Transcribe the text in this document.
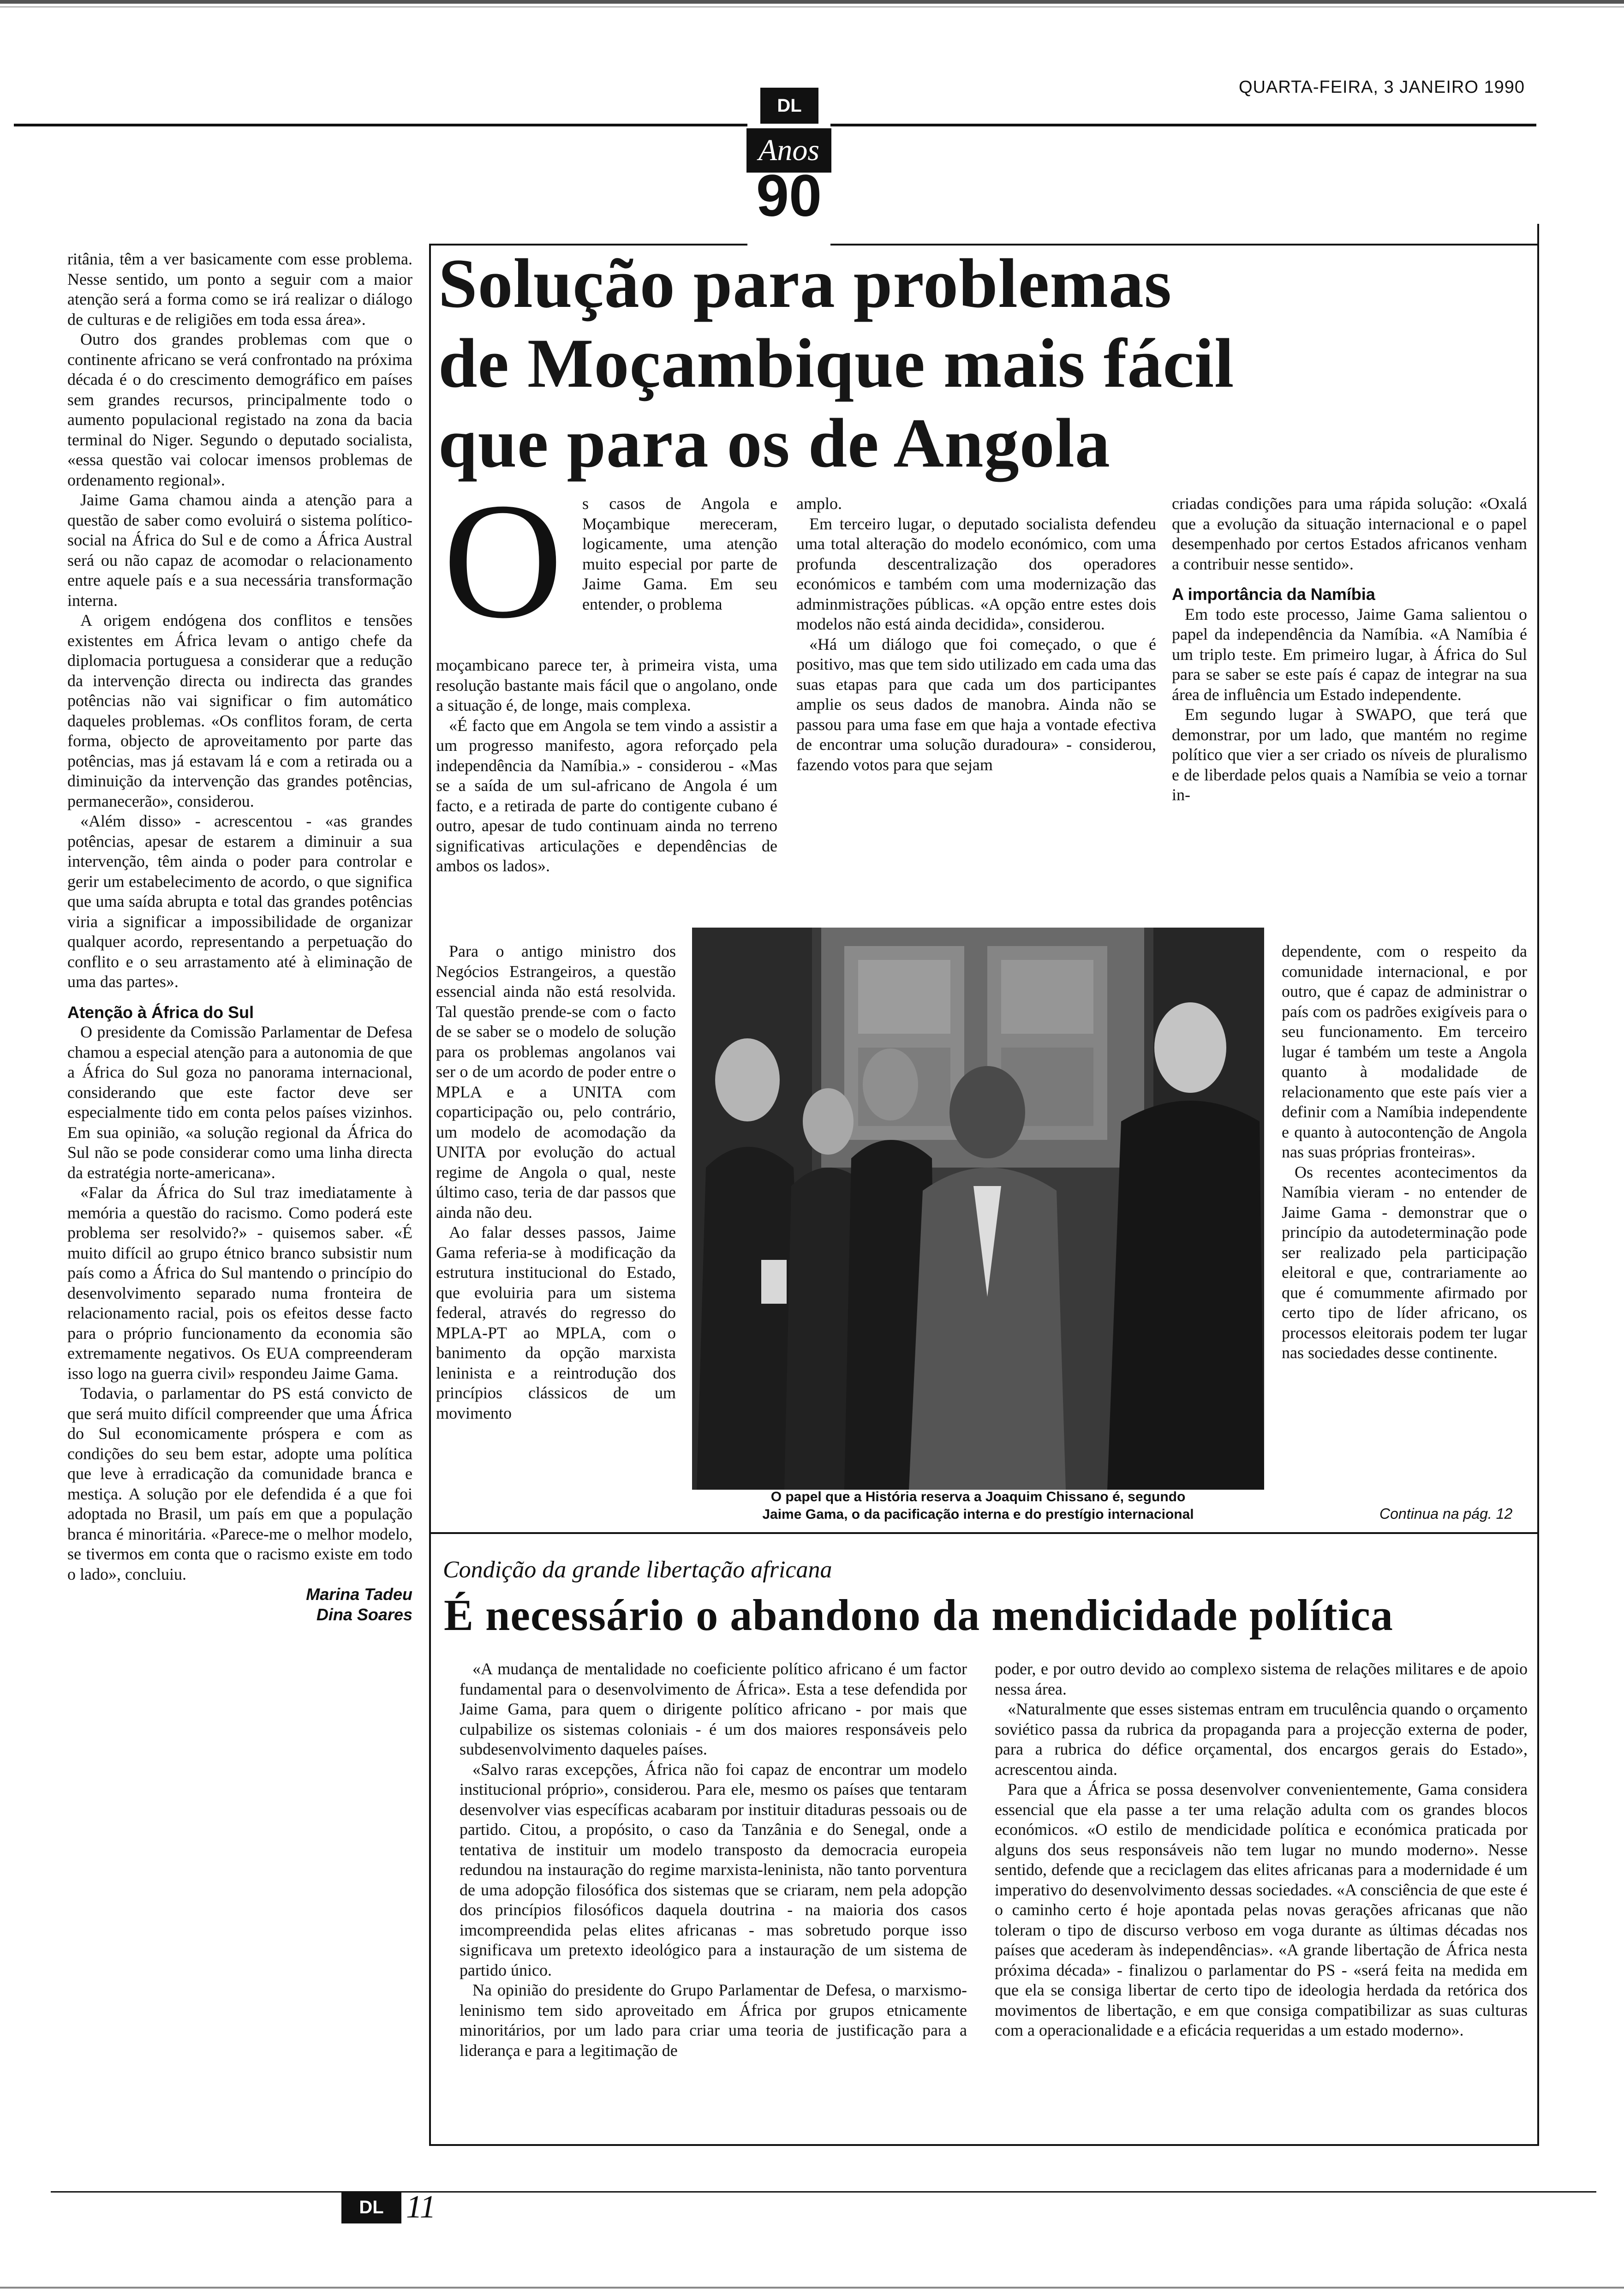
QUARTA-FEIRA, 3 JANEIRO 1990
DL
Anos
90

ritânia, têm a ver basicamente com esse problema. Nesse sentido, um ponto a seguir com a maior atenção será a forma como se irá realizar o diálogo de culturas e de religiões em toda essa área».

Outro dos grandes problemas com que o continente africano se verá confrontado na próxima década é o do crescimento demográfico em países sem grandes recursos, principalmente todo o aumento populacional registado na zona da bacia terminal do Niger. Segundo o deputado socialista, «essa questão vai colocar imensos problemas de ordenamento regional».

Jaime Gama chamou ainda a atenção para a questão de saber como evoluirá o sistema político-social na África do Sul e de como a África Austral será ou não capaz de acomodar o relacionamento entre aquele país e a sua necessária transformação interna.

A origem endógena dos conflitos e tensões existentes em África levam o antigo chefe da diplomacia portuguesa a considerar que a redução da intervenção directa ou indirecta das grandes potências não vai significar o fim automático daqueles problemas. «Os conflitos foram, de certa forma, objecto de aproveitamento por parte das potências, mas já estavam lá e com a retirada ou a diminuição da intervenção das grandes potências, permanecerão», considerou.

«Além disso» - acrescentou - «as grandes potências, apesar de estarem a diminuir a sua intervenção, têm ainda o poder para controlar e gerir um estabelecimento de acordo, o que significa que uma saída abrupta e total das grandes potências viria a significar a impossibilidade de organizar qualquer acordo, representando a perpetuação do conflito e o seu arrastamento até à eliminação de uma das partes».

Atenção à África do Sul

O presidente da Comissão Parlamentar de Defesa chamou a especial atenção para a autonomia de que a África do Sul goza no panorama internacional, considerando que este factor deve ser especialmente tido em conta pelos países vizinhos. Em sua opinião, «a solução regional da África do Sul não se pode considerar como uma linha directa da estratégia norte-americana».

«Falar da África do Sul traz imediatamente à memória a questão do racismo. Como poderá este problema ser resolvido?» - quisemos saber. «É muito difícil ao grupo étnico branco subsistir num país como a África do Sul mantendo o princípio do desenvolvimento separado numa fronteira de relacionamento racial, pois os efeitos desse facto para o próprio funcionamento da economia são extremamente negativos. Os EUA compreenderam isso logo na guerra civil» respondeu Jaime Gama.

Todavia, o parlamentar do PS está convicto de que será muito difícil compreender que uma África do Sul economicamente próspera e com as condições do seu bem estar, adopte uma política que leve à erradicação da comunidade branca e mestiça. A solução por ele defendida é a que foi adoptada no Brasil, um país em que a população branca é minoritária. «Parece-me o melhor modelo, se tivermos em conta que o racismo existe em todo o lado», concluiu.

Marina Tadeu
Dina Soares
Solução para problemas
de Moçambique mais fácil
que para os de Angola
O	s casos de Angola e Moçambique mereceram, logicamente, uma atenção muito especial por parte de Jaime Gama. Em seu entender, o problema

moçambicano parece ter, à primeira vista, uma resolução bastante mais fácil que o angolano, onde a situação é, de longe, mais complexa.

«É facto que em Angola se tem vindo a assistir a um progresso manifesto, agora reforçado pela independência da Namíbia.» - considerou - «Mas se a saída de um sul-africano de Angola é um facto, e a retirada de parte do contigente cubano é outro, apesar de tudo continuam ainda no terreno significativas articulações e dependências de ambos os lados».

Para o antigo ministro dos Negócios Estrangeiros, a questão essencial ainda não está resolvida. Tal questão prende-se com o facto de se saber se o modelo de solução para os problemas angolanos vai ser o de um acordo de poder entre o MPLA e a UNITA com coparticipação ou, pelo contrário, um modelo de acomodação da UNITA por evolução do actual regime de Angola o qual, neste último caso, teria de dar passos que ainda não deu.

Ao falar desses passos, Jaime Gama referia-se à modificação da estrutura institucional do Estado, que evoluiria para um sistema federal, através do regresso do MPLA-PT ao MPLA, com o banimento da opção marxista leninista e a reintrodução dos princípios clássicos de um movimento

amplo.

Em terceiro lugar, o deputado socialista defendeu uma total alteração do modelo económico, com uma profunda descentralização dos operadores económicos e também com uma modernização das adminmistrações públicas. «A opção entre estes dois modelos não está ainda decidida», considerou.

«Há um diálogo que foi começado, o que é positivo, mas que tem sido utilizado em cada uma das suas etapas para que cada um dos participantes amplie os seus dados de manobra. Ainda não se passou para uma fase em que haja a vontade efectiva de encontrar uma solução duradoura» - considerou, fazendo votos para que sejam

criadas condições para uma rápida solução: «Oxalá que a evolução da situação internacional e o papel desempenhado por certos Estados africanos venham a contribuir nesse sentido».

A importância da Namíbia

Em todo este processo, Jaime Gama salientou o papel da independência da Namíbia. «A Namíbia é um triplo teste. Em primeiro lugar, à África do Sul para se saber se este país é capaz de integrar na sua área de influência um Estado independente.

Em segundo lugar à SWAPO, que terá que demonstrar, por um lado, que mantém no regime político que vier a ser criado os níveis de pluralismo e de liberdade pelos quais a Namíbia se veio a tornar in-

dependente, com o respeito da comunidade internacional, e por outro, que é capaz de administrar o país com os padrões exigíveis para o seu funcionamento. Em terceiro lugar é também um teste a Angola quanto à modalidade de relacionamento que este país vier a definir com a Namíbia independente e quanto à autocontenção de Angola nas suas próprias fronteiras».

Os recentes acontecimentos da Namíbia vieram - no entender de Jaime Gama - demonstrar que o princípio da autodeterminação pode ser realizado pela participação eleitoral e que, contrariamente ao que é comummente afirmado por certo tipo de líder africano, os processos eleitorais podem ter lugar nas sociedades desse continente.

O papel que a História reserva a Joaquim Chissano é, segundo
Jaime Gama, o da pacificação interna e do prestígio internacional	Continua na pág. 12
Condição da grande libertação africana
É necessário o abandono da mendicidade política

«A mudança de mentalidade no coeficiente político africano é um factor fundamental para o desenvolvimento de África». Esta a tese defendida por Jaime Gama, para quem o dirigente político africano - por mais que culpabilize os sistemas coloniais - é um dos maiores responsáveis pelo subdesenvolvimento daqueles países.

«Salvo raras excepções, África não foi capaz de encontrar um modelo institucional próprio», considerou. Para ele, mesmo os países que tentaram desenvolver vias específicas acabaram por instituir ditaduras pessoais ou de partido. Citou, a propósito, o caso da Tanzânia e do Senegal, onde a tentativa de instituir um modelo transposto da democracia europeia redundou na instauração do regime marxista-leninista, não tanto porventura de uma adopção filosófica dos sistemas que se criaram, nem pela adopção dos princípios filosóficos daquela doutrina - na maioria dos casos imcompreendida pelas elites africanas - mas sobretudo porque isso significava um pretexto ideológico para a instauração de um sistema de partido único.

Na opinião do presidente do Grupo Parlamentar de Defesa, o marxismo-leninismo tem sido aproveitado em África por grupos etnicamente minoritários, por um lado para criar uma teoria de justificação para a liderança e para a legitimação de

poder, e por outro devido ao complexo sistema de relações militares e de apoio nessa área.

«Naturalmente que esses sistemas entram em truculência quando o orçamento soviético passa da rubrica da propaganda para a projecção externa de poder, para a rubrica do défice orçamental, dos encargos gerais do Estado», acrescentou ainda.

Para que a África se possa desenvolver convenientemente, Gama considera essencial que ela passe a ter uma relação adulta com os grandes blocos económicos. «O estilo de mendicidade política e económica praticada por alguns dos seus responsáveis não tem lugar no mundo moderno». Nesse sentido, defende que a reciclagem das elites africanas para a modernidade é um imperativo do desenvolvimento dessas sociedades. «A consciência de que este é o caminho certo é hoje apontada pelas novas gerações africanas que não toleram o tipo de discurso verboso em voga durante as últimas décadas nos países que acederam às independências». «A grande libertação de África nesta próxima década» - finalizou o parlamentar do PS - «será feita na medida em que ela se consiga libertar de certo tipo de ideologia herdada da retórica dos movimentos de libertação, e em que consiga compatibilizar as suas culturas com a operacionalidade e a eficácia requeridas a um estado moderno».

DL 11
